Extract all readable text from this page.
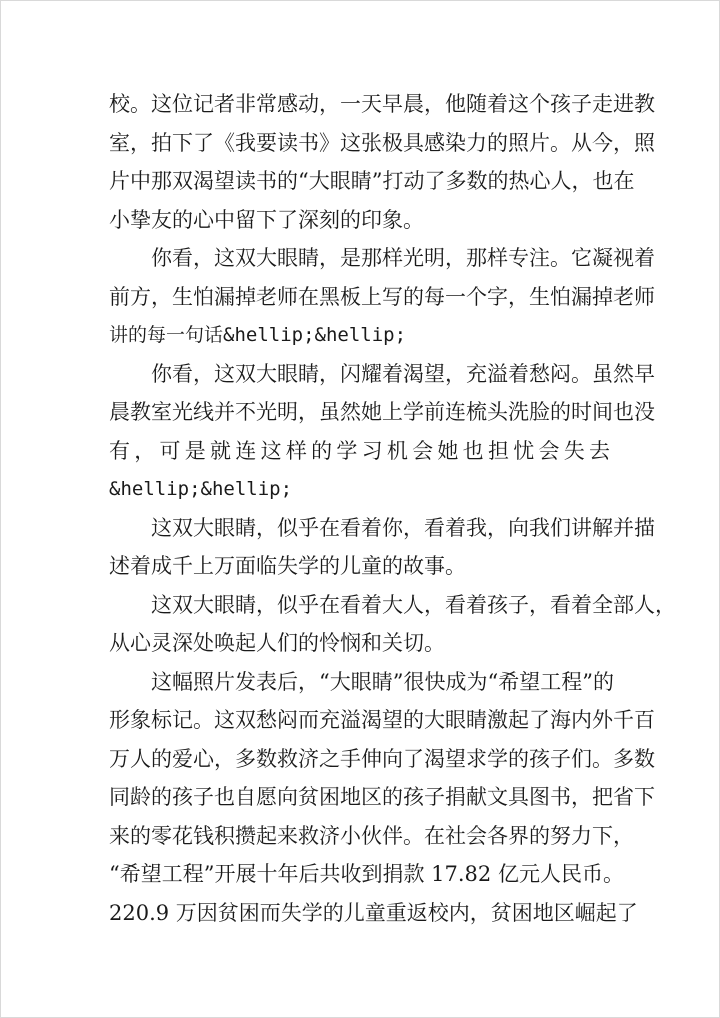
校。这位记者非常感动，一天早晨，他随着这个孩子走进教
室，拍下了《我要读书》这张极具感染力的照片。从今，照
片中那双渴望读书的“大眼睛”打动了多数的热心人，也在
小挚友的心中留下了深刻的印象。

你看，这双大眼睛，是那样光明，那样专注。它凝视着
前方，生怕漏掉老师在黑板上写的每一个字，生怕漏掉老师
讲的每一句话&hellip;&hellip;

你看，这双大眼睛，闪耀着渴望，充溢着愁闷。虽然早
晨教室光线并不光明，虽然她上学前连梳头洗脸的时间也没
有，可是就连这样的学习机会她也担忧会失去
&hellip;&hellip;

这双大眼睛，似乎在看着你，看着我，向我们讲解并描
述着成千上万面临失学的儿童的故事。

这双大眼睛，似乎在看着大人，看着孩子，看着全部人，
从心灵深处唤起人们的怜悯和关切。

这幅照片发表后，“大眼睛”很快成为“希望工程”的
形象标记。这双愁闷而充溢渴望的大眼睛激起了海内外千百
万人的爱心，多数救济之手伸向了渴望求学的孩子们。多数
同龄的孩子也自愿向贫困地区的孩子捐献文具图书，把省下
来的零花钱积攒起来救济小伙伴。在社会各界的努力下，
“希望工程”开展十年后共收到捐款 17.82 亿元人民币。
220.9 万因贫困而失学的儿童重返校内，贫困地区崛起了
